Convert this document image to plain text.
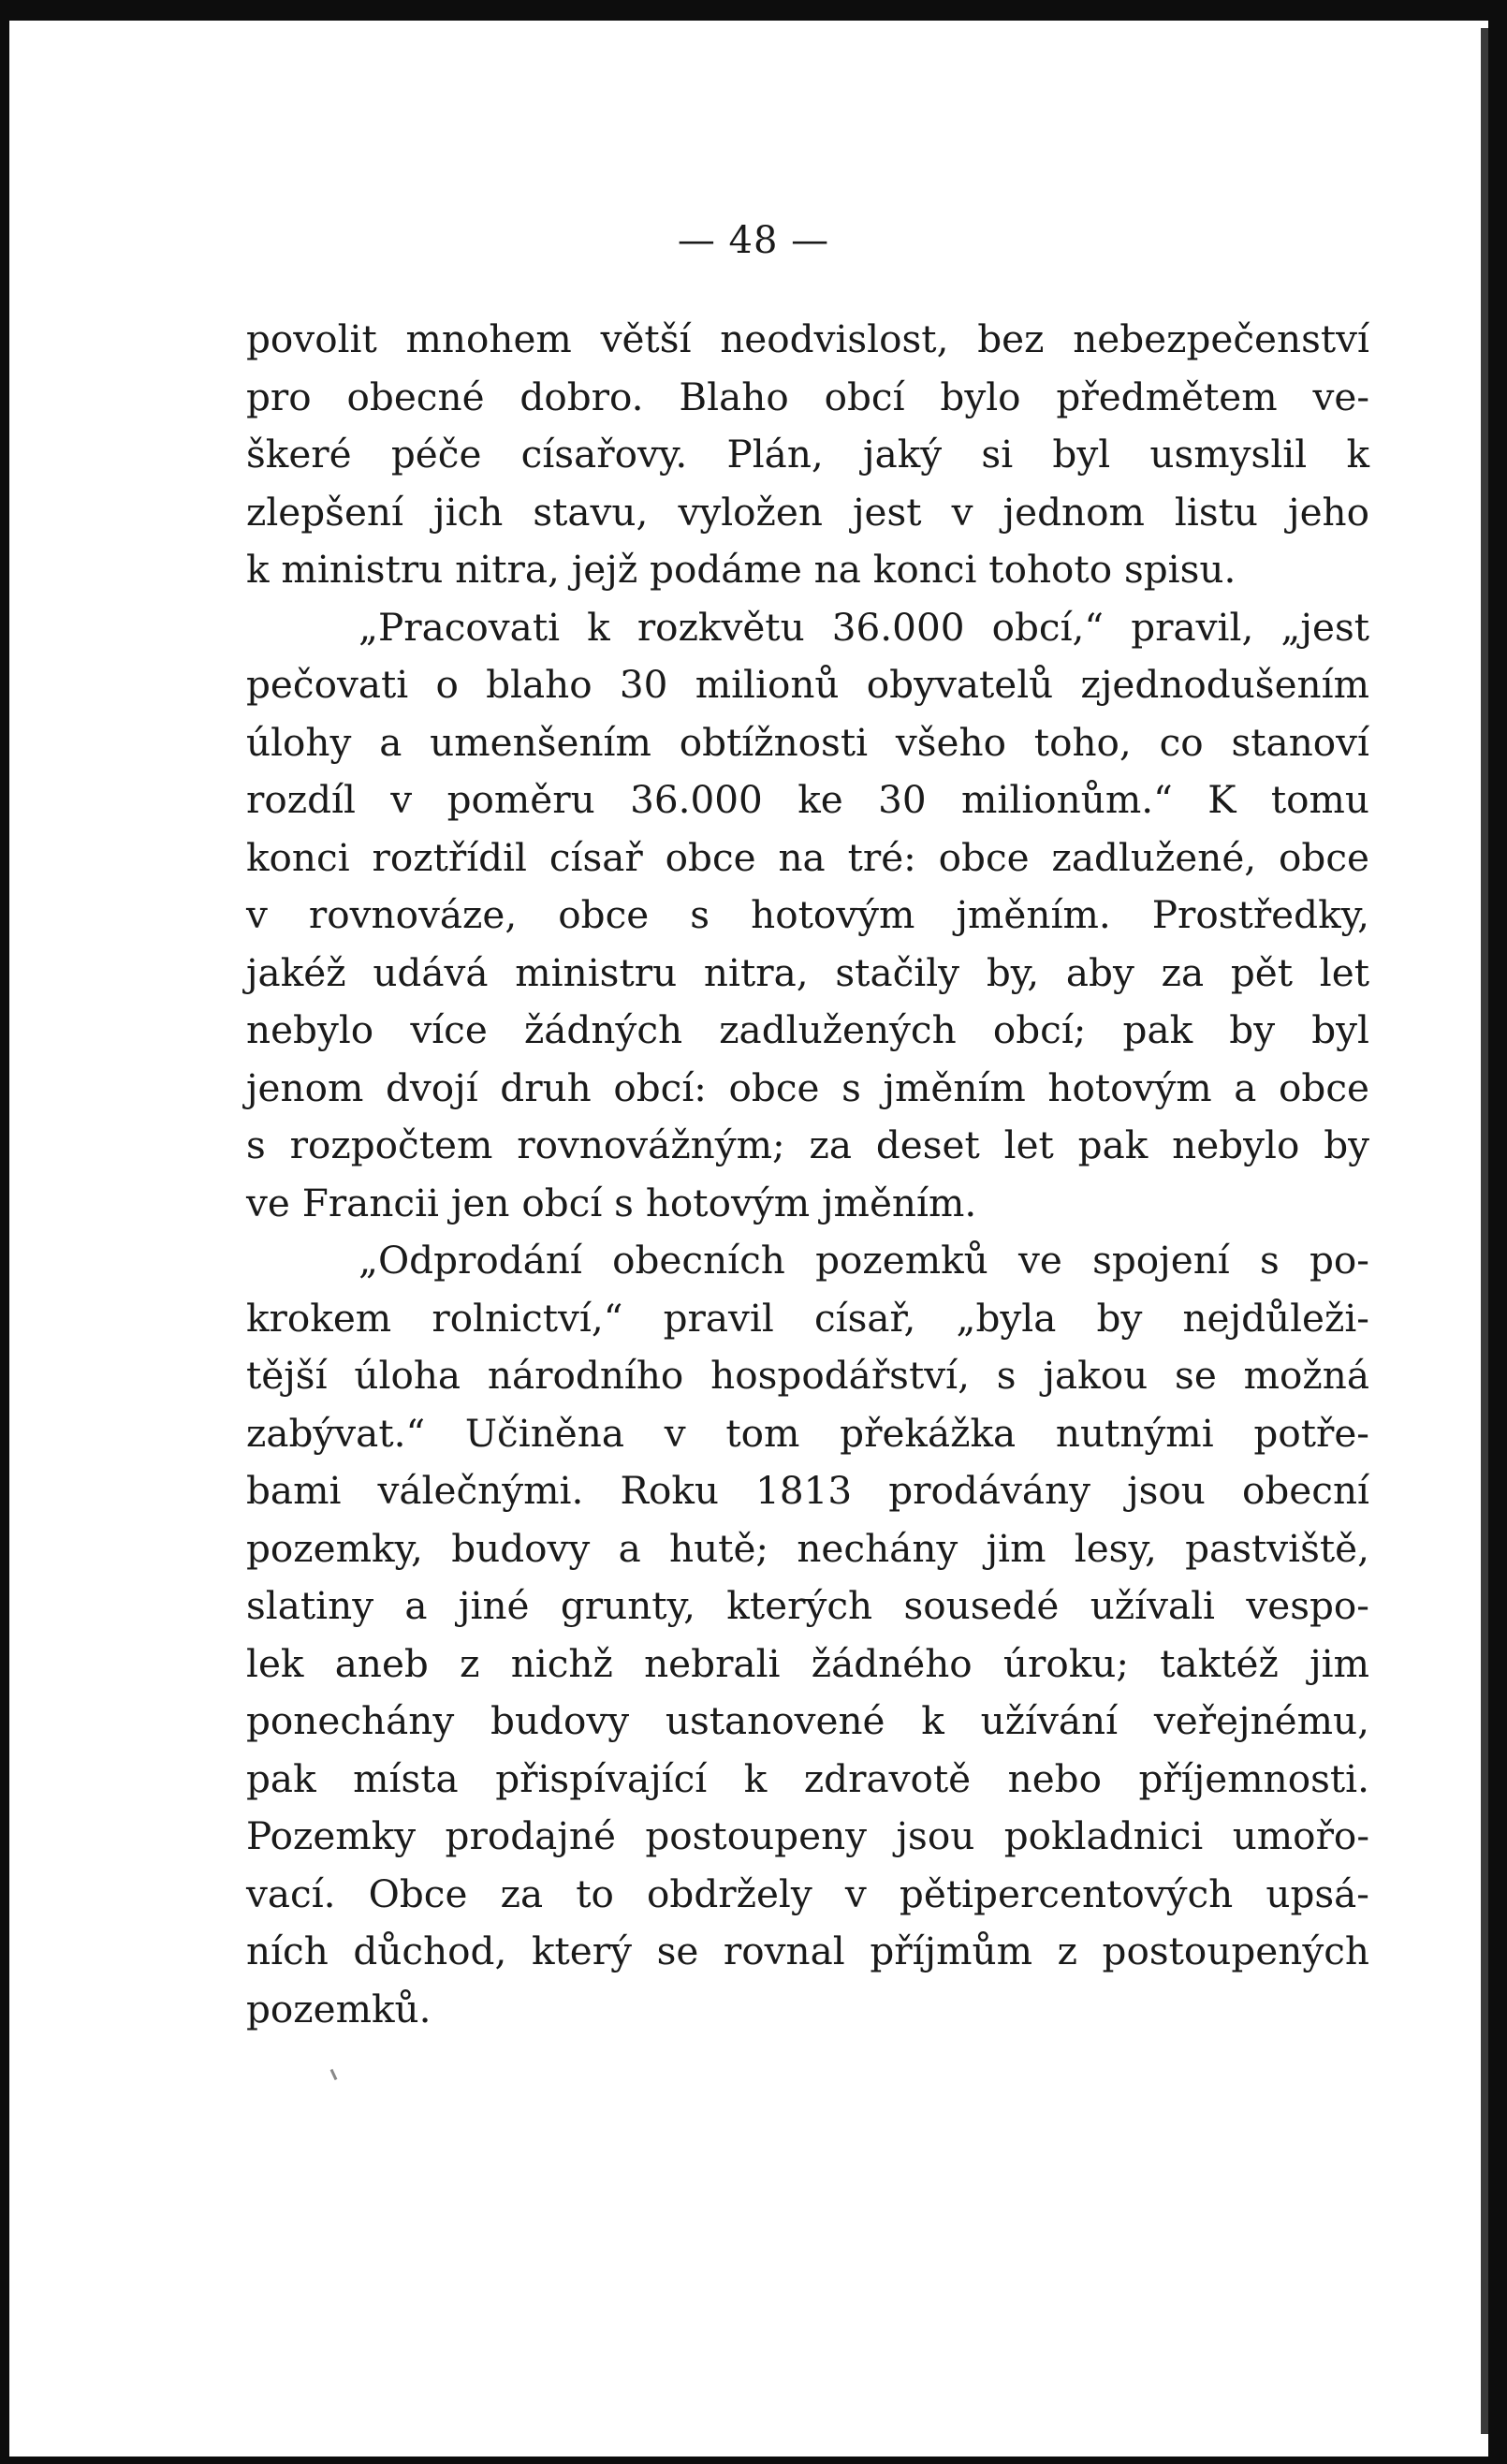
— 48 —
povolit mnohem větší neodvislost, bez nebezpečenství
pro obecné dobro. Blaho obcí bylo předmětem ve-
škeré péče císařovy. Plán, jaký si byl usmyslil k
zlepšení jich stavu, vyložen jest v jednom listu jeho
k ministru nitra, jejž podáme na konci tohoto spisu.
„Pracovati k rozkvětu 36.000 obcí,“ pravil, „jest
pečovati o blaho 30 milionů obyvatelů zjednodušením
úlohy a umenšením obtížnosti všeho toho, co stanoví
rozdíl v poměru 36.000 ke 30 milionům.“ K tomu
konci roztřídil císař obce na tré: obce zadlužené, obce
v rovnováze, obce s hotovým jměním. Prostředky,
jakéž udává ministru nitra, stačily by, aby za pět let
nebylo více žádných zadlužených obcí; pak by byl
jenom dvojí druh obcí: obce s jměním hotovým a obce
s rozpočtem rovnovážným; za deset let pak nebylo by
ve Francii jen obcí s hotovým jměním.
„Odprodání obecních pozemků ve spojení s po-
krokem rolnictví,“ pravil císař, „byla by nejdůleži-
tější úloha národního hospodářství, s jakou se možná
zabývat.“ Učiněna v tom překážka nutnými potře-
bami válečnými. Roku 1813 prodávány jsou obecní
pozemky, budovy a hutě; nechány jim lesy, pastviště,
slatiny a jiné grunty, kterých sousedé užívali vespo-
lek aneb z nichž nebrali žádného úroku; taktéž jim
ponechány budovy ustanovené k užívání veřejnému,
pak místa přispívající k zdravotě nebo příjemnosti.
Pozemky prodajné postoupeny jsou pokladnici umořo-
vací. Obce za to obdržely v pětipercentových upsá-
ních důchod, který se rovnal příjmům z postoupených
pozemků.
